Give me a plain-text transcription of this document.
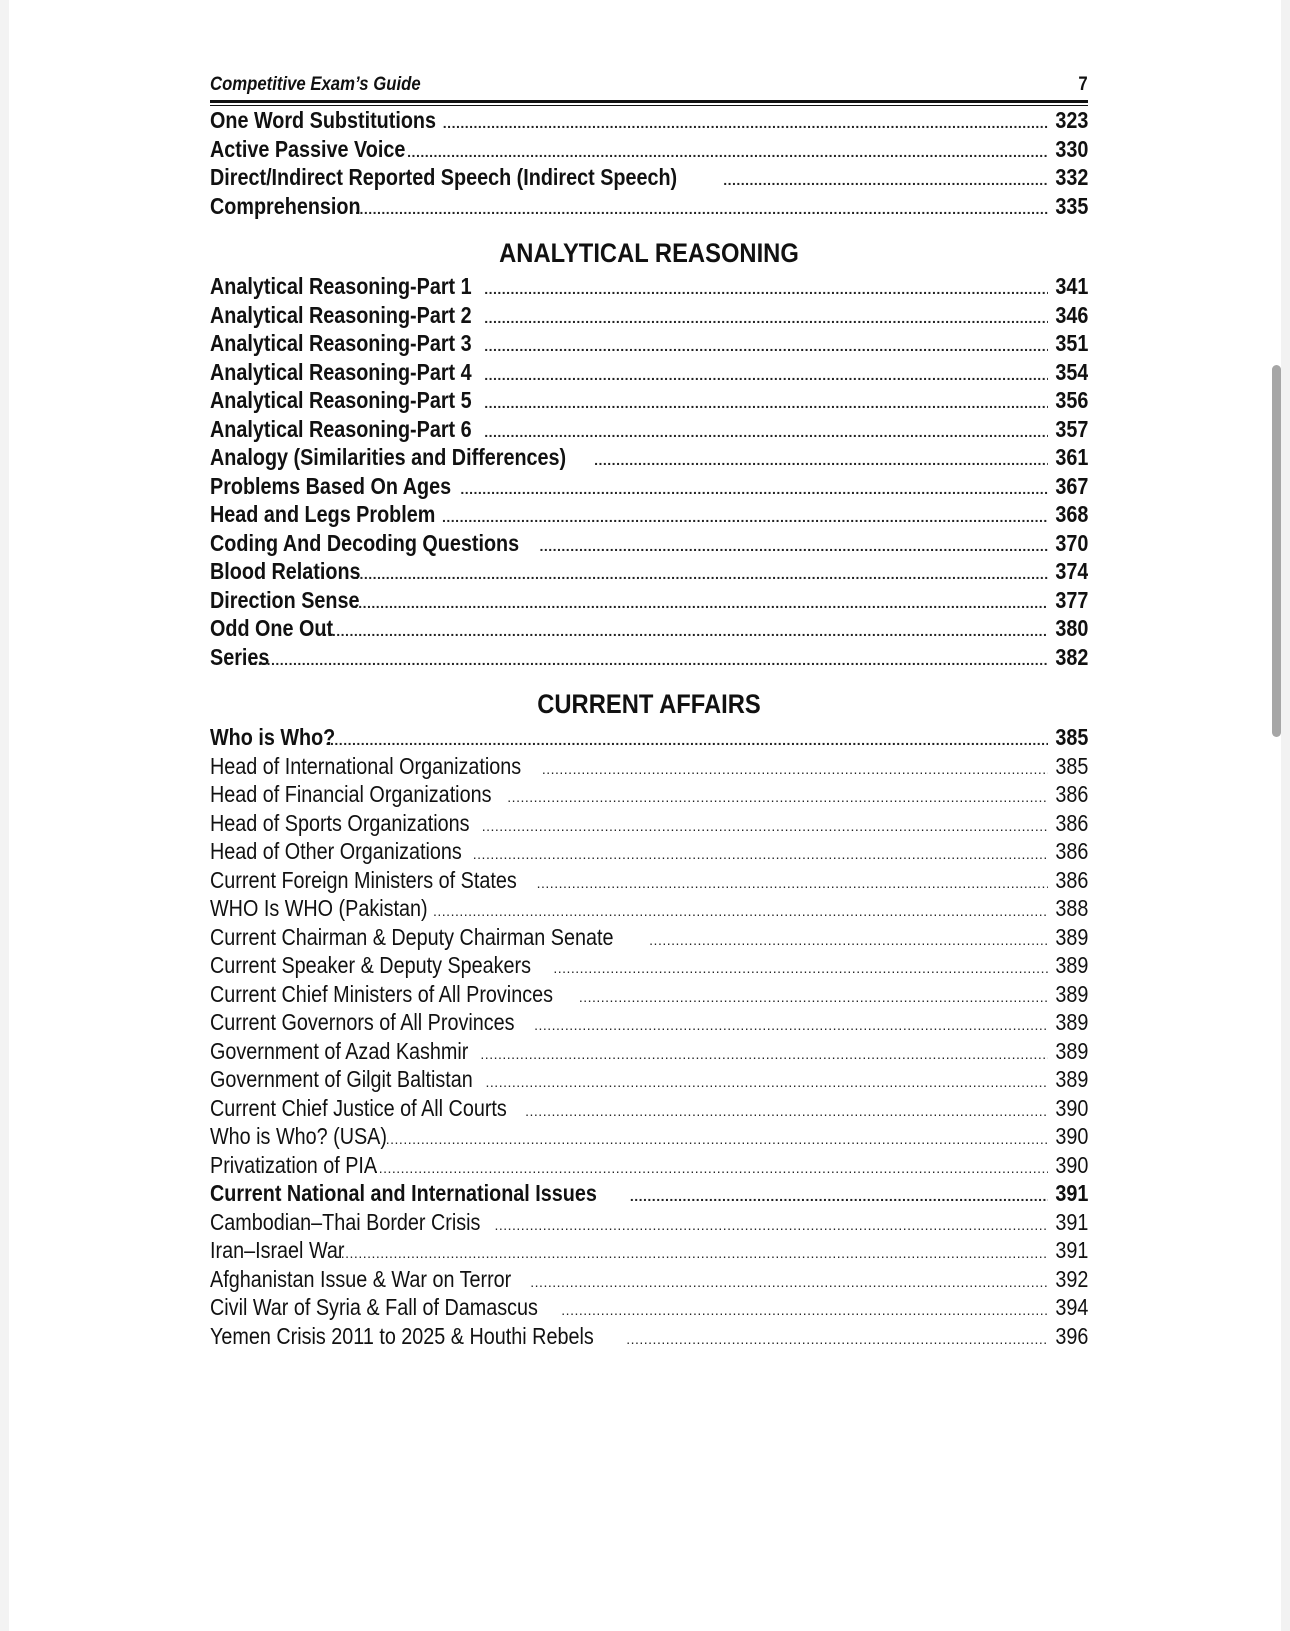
Competitive Exam’s Guide	7
One Word Substitutions .....	323
Active Passive Voice .....	330
Direct/Indirect Reported Speech (Indirect Speech) .....	332
Comprehension .....	335
ANALYTICAL REASONING
Analytical Reasoning-Part 1 .....	341
Analytical Reasoning-Part 2 .....	346
Analytical Reasoning-Part 3 .....	351
Analytical Reasoning-Part 4 .....	354
Analytical Reasoning-Part 5 .....	356
Analytical Reasoning-Part 6 .....	357
Analogy (Similarities and Differences) .....	361
Problems Based On Ages .....	367
Head and Legs Problem .....	368
Coding And Decoding Questions .....	370
Blood Relations .....	374
Direction Sense .....	377
Odd One Out .....	380
Series .....	382
CURRENT AFFAIRS
Who is Who? .....	385
Head of International Organizations .....	385
Head of Financial Organizations .....	386
Head of Sports Organizations .....	386
Head of Other Organizations .....	386
Current Foreign Ministers of States .....	386
WHO Is WHO (Pakistan) .....	388
Current Chairman & Deputy Chairman Senate .....	389
Current Speaker & Deputy Speakers .....	389
Current Chief Ministers of All Provinces .....	389
Current Governors of All Provinces .....	389
Government of Azad Kashmir .....	389
Government of Gilgit Baltistan .....	389
Current Chief Justice of All Courts .....	390
Who is Who? (USA) .....	390
Privatization of PIA .....	390
Current National and International Issues .....	391
Cambodian–Thai Border Crisis .....	391
Iran–Israel War .....	391
Afghanistan Issue & War on Terror .....	392
Civil War of Syria & Fall of Damascus .....	394
Yemen Crisis 2011 to 2025 & Houthi Rebels .....	396
